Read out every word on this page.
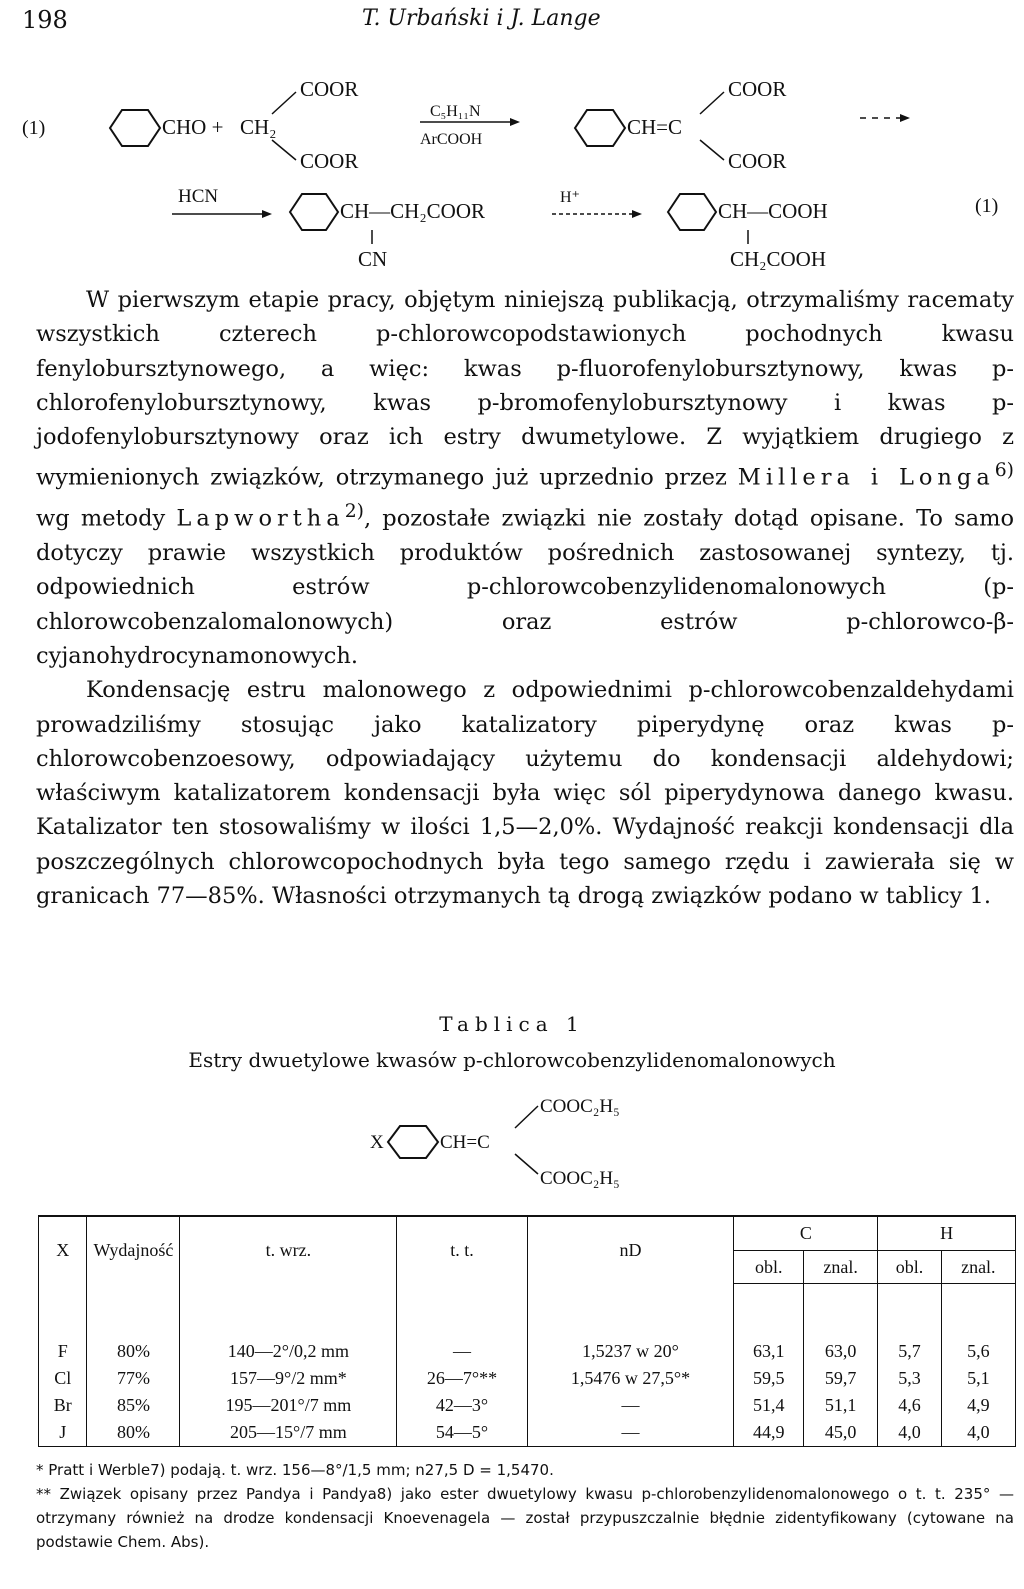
198	T. Urbański i J. Lange
(1)	CHO + CH₂
COOR
COOR
C₅H₁₁N
ArCOOH
CH=C
COOR
COOR
HCN
CH—CH₂COOR
CN
H⁺
CH—COOH
CH₂COOH
(1)

W pierwszym etapie pracy, objętym niniejszą publikacją, otrzymaliśmy racematy wszystkich czterech p-chlorowcopodstawionych pochodnych kwasu fenylobursztynowego, a więc: kwas p-fluorofenylobursztynowy, kwas p-chlorofenylobursztynowy, kwas p-bromofenylobursztynowy i kwas p-jodofenylobursztynowy oraz ich estry dwumetylowe. Z wyjątkiem drugiego z wymienionych związków, otrzymanego już uprzednio przez Millera i Longa$^{6)}$ wg metody Lapwortha$^{2)}$, pozostałe związki nie zostały dotąd opisane. To samo dotyczy prawie wszystkich produktów pośrednich zastosowanej syntezy, tj. odpowiednich estrów p-chlorowcobenzylidenomalonowych (p-chlorowcobenzalomalonowych) oraz estrów p-chlorowco-β-cyjanohydrocynamonowych.

Kondensację estru malonowego z odpowiednimi p-chlorowcobenzaldehydami prowadziliśmy stosując jako katalizatory piperydynę oraz kwas p-chlorowcobenzoesowy, odpowiadający użytemu do kondensacji aldehydowi; właściwym katalizatorem kondensacji była więc sól piperydynowa danego kwasu. Katalizator ten stosowaliśmy w ilości 1,5—2,0%. Wydajność reakcji kondensacji dla poszczególnych chlorowcopochodnych była tego samego rzędu i zawierała się w granicach 77—85%. Własności otrzymanych tą drogą związków podano w tablicy 1.

Tablica 1
Estry dwuetylowe kwasów p-chlorowcobenzylidenomalonowych
X	CH=C
COOC₂H₅
COOC₂H₅
X	Wydajność	t. wrz.	t. t.	nD	C		H	
					obl.	znal.	obl.	znal.

F	80%	140—2°/0,2 mm	—	1,5237 w 20°	63,1	63,0	5,7	5,6
Cl	77%	157—9°/2 mm*	26—7°**	1,5476 w 27,5°*	59,5	59,7	5,3	5,1
Br	85%	195—201°/7 mm	42—3°	—	51,4	51,1	4,6	4,9
J	80%	205—15°/7 mm	54—5°	—	44,9	45,0	4,0	4,0

* Pratt i Werble7) podają. t. wrz. 156—8°/1,5 mm; n27,5 D = 1,5470.

** Związek opisany przez Pandya i Pandya8) jako ester dwuetylowy kwasu p-chlorobenzylidenomalonowego o t. t. 235° — otrzymany również na drodze kondensacji Knoevenagela — został przypuszczalnie błędnie zidentyfikowany (cytowane na podstawie Chem. Abs).
